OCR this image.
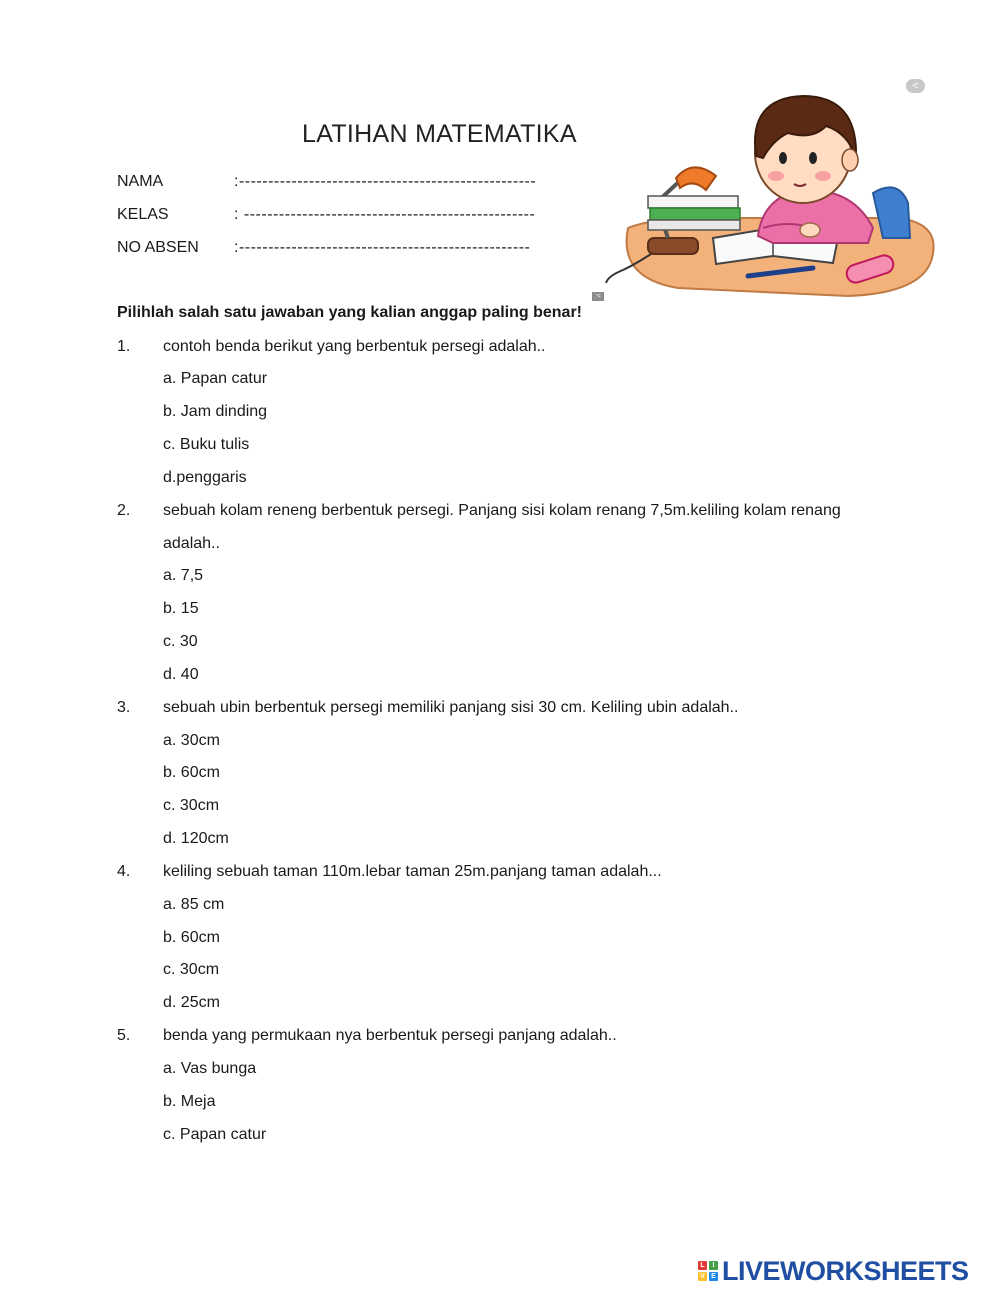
LATIHAN MATEMATIKA
NAMA	:---------------------------------------------------
KELAS	: --------------------------------------------------
NO ABSEN :--------------------------------------------------
<
:<
Pilihlah salah satu jawaban yang kalian anggap paling benar!
1. contoh benda berikut yang berbentuk persegi adalah..
a. Papan catur
b. Jam dinding
c. Buku tulis
d.penggaris
2. sebuah kolam reneng berbentuk persegi. Panjang sisi kolam renang 7,5m.keliling kolam renang
adalah..
a. 7,5
b. 15
c. 30
d. 40
3. sebuah ubin berbentuk persegi memiliki panjang sisi 30 cm. Keliling ubin adalah..
a. 30cm
b. 60cm
c. 30cm
d. 120cm
4. keliling sebuah taman 110m.lebar taman 25m.panjang taman adalah...
a. 85 cm
b. 60cm
c. 30cm
d. 25cm
5. benda yang permukaan nya berbentuk persegi panjang adalah..
a. Vas bunga
b. Meja
c. Papan catur
L	I
V E LIVEWORKSHEETS
